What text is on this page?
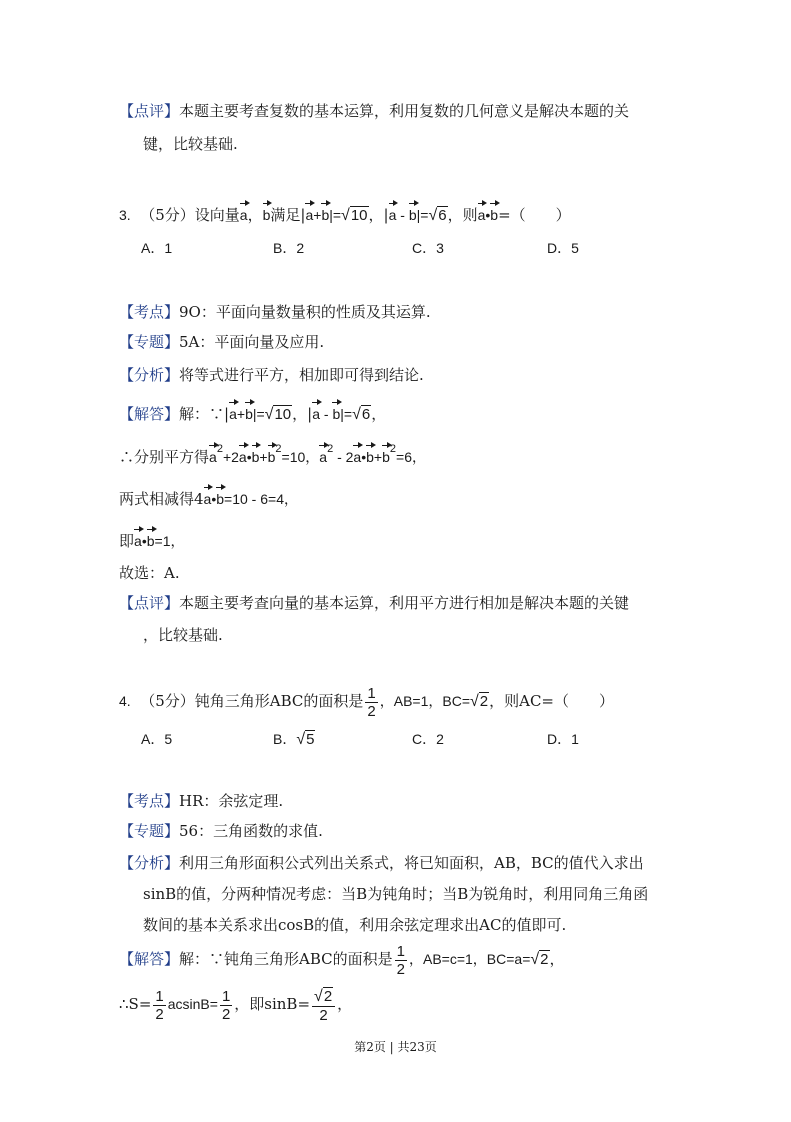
【点评】本题主要考查复数的基本运算，利用复数的几何意义是解决本题的关
键，比较基础.
3. （5分）设向量a，b满足|a+b|= √ 10 ，|a - b|= √ 6 ，则a•b=（　　）
A．1	B．2	C．3	D．5
【考点】9O：平面向量数量积的性质及其运算.
【专题】5A：平面向量及应用.
【分析】将等式进行平方，相加即可得到结论.
【解答】解：∵|a+b|= √ 10 ，|a - b|= √ 6 ，
∴分别平方得$a^2+2a•b+b^2=10$，$a^2$ - $2a•b+b^2=6$，
两式相减得4a•b=10 - 6=4，
即a•b=1，
故选：A.
【点评】本题主要考查向量的基本运算，利用平方进行相加是解决本题的关键
，比较基础.
4. （5分）钝角三角形ABC的面积是 $\frac{1}{2}$ ，AB=1，BC= √ 2 ，则AC=（　　）
A．5	B． √ 5	C．2	D．1
【考点】HR：余弦定理.
【专题】56：三角函数的求值.
【分析】利用三角形面积公式列出关系式，将已知面积，AB，BC的值代入求出
sinB的值，分两种情况考虑：当B为钝角时；当B为锐角时，利用同角三角函
数间的基本关系求出cosB的值，利用余弦定理求出AC的值即可.
【解答】解：∵钝角三角形ABC的面积是 $\frac{1}{2}$ ，AB=c=1，BC=a= √ 2 ，
∴S= $\frac{1}{2} acsinB= \frac{1}{2}$ ，即$\sin B= \frac{√ 2}{2}$ ，
第2页 | 共23页
